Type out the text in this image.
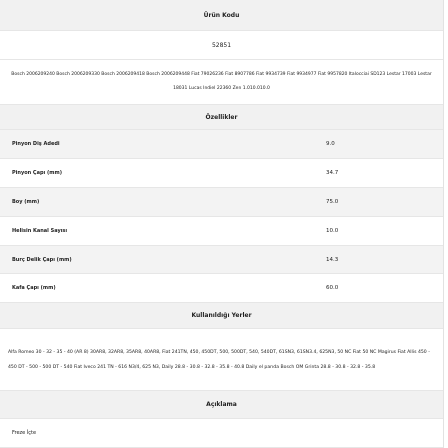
Ürün Kodu
52851
Bosch 2006209240 Bosch 2006209330 Bosch 2006209418 Bosch 2006209448 Fiat 79026236 Fiat 8907786 Fiat 9934739 Fiat 9934977 Fiat 9957820 Italocciai SD123 Lestar 17003 Lestar 18031 Lucas Indiel 22360 Zen 1.010.010.0
Özellikler
Pinyon Diş Adedi	9.0
Pinyon Çapı (mm)	34.7
Boy (mm)	75.0
Helisin Kanal Sayısı	10.0
Burç Delik Çapı (mm)	14.3
Kafa Çapı (mm)	60.0
Kullanıldığı Yerler
Alfa Romeo 30 - 32 - 35 - 40 (AR 8) 30AR8, 32AR8, 35AR8, 40AR8, Fiat 241TN, 450, 450DT, 500, 500DT, 540, 540DT, 61SN3, 61SN3.4, 625N3, 50 NC Fiat 50 NC Magirus Fiat Allis 450 - 450 DT - 500 - 500 DT - 540 Fiat Iveco 241 TN - 616 N3/4, 625 N3, Daily 28.8 - 30.8 - 32.8 - 35.8 - 40.8 Daily el parıda Bosch OM Grinta 28.8 - 30.8 - 32.8 - 35.8
Açıklama
Freze İçte
